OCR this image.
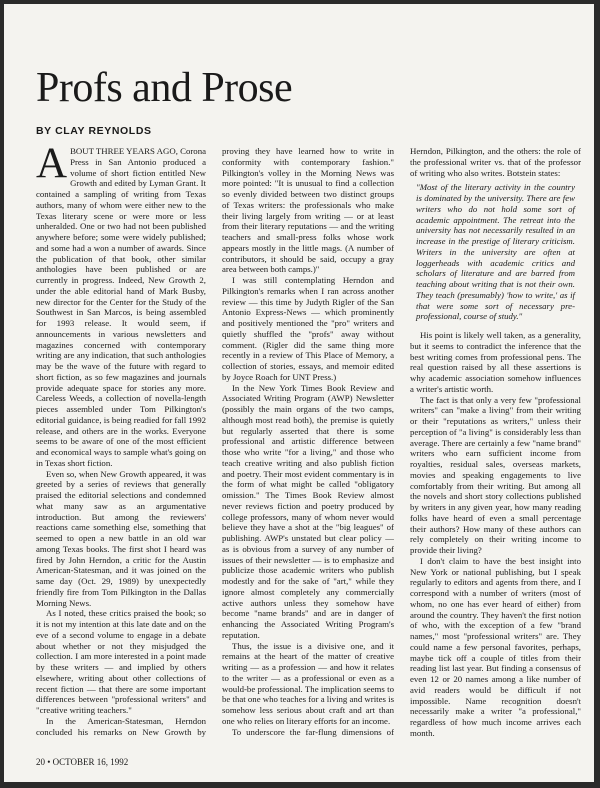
Profs and Prose
BY CLAY REYNOLDS

ABOUT THREE YEARS AGO, Corona Press in San Antonio produced a volume of short fiction entitled New Growth and edited by Lyman Grant. It contained a sampling of writing from Texas authors, many of whom were either new to the Texas literary scene or were more or less unheralded. One or two had not been published anywhere before; some were widely published; and some had a won a number of awards. Since the publication of that book, other similar anthologies have been published or are currently in progress. Indeed, New Growth 2, under the able editorial hand of Mark Busby, new director for the Center for the Study of the Southwest in San Marcos, is being assembled for 1993 release. It would seem, if announcements in various newsletters and magazines concerned with contemporary writing are any indication, that such anthologies may be the wave of the future with regard to short fiction, as so few magazines and journals provide adequate space for stories any more. Careless Weeds, a collection of novella-length pieces assembled under Tom Pilkington's editorial guidance, is being readied for fall 1992 release, and others are in the works. Everyone seems to be aware of one of the most efficient and economical ways to sample what's going on in Texas short fiction.

Even so, when New Growth appeared, it was greeted by a series of reviews that generally praised the editorial selections and condemned what many saw as an argumentative introduction. But among the reviewers' reactions came something else, something that seemed to open a new battle in an old war among Texas books. The first shot I heard was fired by John Herndon, a critic for the Austin American-Statesman, and it was joined on the same day (Oct. 29, 1989) by unexpectedly friendly fire from Tom Pilkington in the Dallas Morning News.

As I noted, these critics praised the book; so it is not my intention at this late date and on the eve of a second volume to engage in a debate about whether or not they misjudged the collection. I am more interested in a point made by these writers — and implied by others elsewhere, writing about other collections of recent fiction — that there are some important differences between "professional writers" and "creative writing teachers."

In the American-Statesman, Herndon concluded his remarks on New Growth by

proving they have learned how to write in conformity with contemporary fashion." Pilkington's volley in the Morning News was more pointed: "It is unusual to find a collection so evenly divided between two distinct groups of Texas writers: the professionals who make their living largely from writing — or at least from their literary reputations — and the writing teachers and small-press folks whose work appears mostly in the little mags. (A number of contributors, it should be said, occupy a gray area between both camps.)"

I was still contemplating Herndon and Pilkington's remarks when I ran across another review — this time by Judyth Rigler of the San Antonio Express-News — which prominently and positively mentioned the "pro" writers and quietly shuffled the "profs" away without comment. (Rigler did the same thing more recently in a review of This Place of Memory, a collection of stories, essays, and memoir edited by Joyce Roach for UNT Press.)

In the New York Times Book Review and Associated Writing Program (AWP) Newsletter (possibly the main organs of the two camps, although most read both), the premise is quietly but regularly asserted that there is some professional and artistic difference between those who write "for a living," and those who teach creative writing and also publish fiction and poetry. Their most evident commentary is in the form of what might be called "obligatory omission." The Times Book Review almost never reviews fiction and poetry produced by college professors, many of whom never would believe they have a shot at the "big leagues" of publishing. AWP's unstated but clear policy — as is obvious from a survey of any number of issues of their newsletter — is to emphasize and publicize those academic writers who publish modestly and for the sake of "art," while they ignore almost completely any commercially active authors unless they somehow have become "name brands" and are in danger of enhancing the Associated Writing Program's reputation.

Thus, the issue is a divisive one, and it remains at the heart of the matter of creative writing — as a profession — and how it relates to the writer — as a professional or even as a would-be professional. The implication seems to be that one who teaches for a living and writes is somehow less serious about craft and art than one who relies on literary efforts for an income.

To underscore the far-flung dimensions of

Herndon, Pilkington, and the others: the role of the professional writer vs. that of the professor of writing who also writes. Botstein states:

"Most of the literary activity in the country is dominated by the university. There are few writers who do not hold some sort of academic appointment. The retreat into the university has not necessarily resulted in an increase in the prestige of literary criticism. Writers in the university are often at loggerheads with academic critics and scholars of literature and are barred from teaching about writing that is not their own. They teach (presumably) 'how to write,' as if that were some sort of necessary pre-professional, course of study."

His point is likely well taken, as a generality, but it seems to contradict the inference that the best writing comes from professional pens. The real question raised by all these assertions is why academic association somehow influences a writer's artistic worth.

The fact is that only a very few "professional writers" can "make a living" from their writing or their "reputations as writers," unless their perception of "a living" is considerably less than average. There are certainly a few "name brand" writers who earn sufficient income from royalties, residual sales, overseas markets, movies and speaking engagements to live comfortably from their writing. But among all the novels and short story collections published by writers in any given year, how many reading folks have heard of even a small percentage their authors? How many of these authors can rely completely on their writing income to provide their living?

I don't claim to have the best insight into New York or national publishing, but I speak regularly to editors and agents from there, and I correspond with a number of writers (most of whom, no one has ever heard of either) from around the country. They haven't the first notion of who, with the exception of a few "brand names," most "professional writers" are. They could name a few personal favorites, perhaps, maybe tick off a couple of titles from their reading list last year. But finding a consensus of even 12 or 20 names among a like number of avid readers would be difficult if not impossible. Name recognition doesn't necessarily make a writer "a professional," regardless of how much income arrives each month.

20 • OCTOBER 16, 1992
